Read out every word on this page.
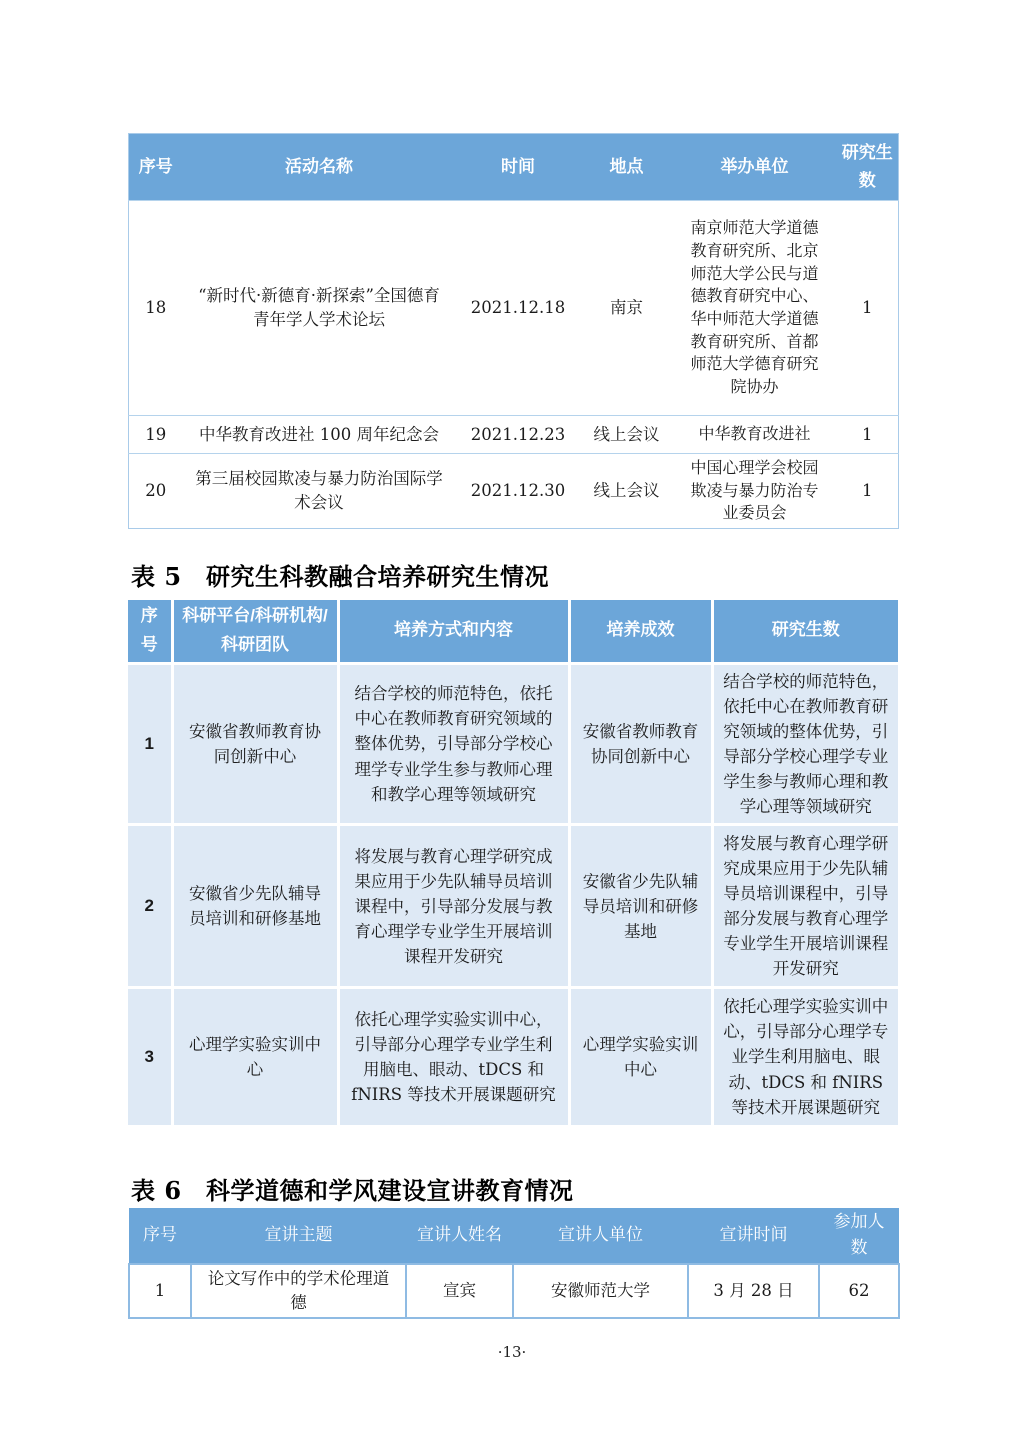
序号	活动名称	时间	地点	举办单位	研究生数
18	“新时代·新德育·新探索”全国德育青年学人学术论坛	2021.12.18	南京	南京师范大学道德教育研究所、北京师范大学公民与道德教育研究中心、华中师范大学道德教育研究所、首都师范大学德育研究院协办	1
19	中华教育改进社 100 周年纪念会	2021.12.23	线上会议	中华教育改进社	1
20	第三届校园欺凌与暴力防治国际学术会议	2021.12.30	线上会议	中国心理学会校园欺凌与暴力防治专业委员会	1
表 5　研究生科教融合培养研究生情况
序号	科研平台/科研机构/科研团队	培养方式和内容	培养成效	研究生数
1	安徽省教师教育协同创新中心	结合学校的师范特色，依托中心在教师教育研究领域的整体优势，引导部分学校心理学专业学生参与教师心理和教学心理等领域研究	安徽省教师教育协同创新中心	结合学校的师范特色，依托中心在教师教育研究领域的整体优势，引导部分学校心理学专业学生参与教师心理和教学心理等领域研究
2	安徽省少先队辅导员培训和研修基地	将发展与教育心理学研究成果应用于少先队辅导员培训课程中，引导部分发展与教育心理学专业学生开展培训课程开发研究	安徽省少先队辅导员培训和研修基地	将发展与教育心理学研究成果应用于少先队辅导员培训课程中，引导部分发展与教育心理学专业学生开展培训课程开发研究
3	心理学实验实训中心	依托心理学实验实训中心，引导部分心理学专业学生利用脑电、眼动、tDCS 和 fNIRS 等技术开展课题研究	心理学实验实训中心	依托心理学实验实训中心，引导部分心理学专业学生利用脑电、眼动、tDCS 和 fNIRS 等技术开展课题研究
表 6　科学道德和学风建设宣讲教育情况
序号	宣讲主题	宣讲人姓名	宣讲人单位	宣讲时间	参加人数
1	论文写作中的学术伦理道德	宣宾	安徽师范大学	3 月 28 日	62
·13·
